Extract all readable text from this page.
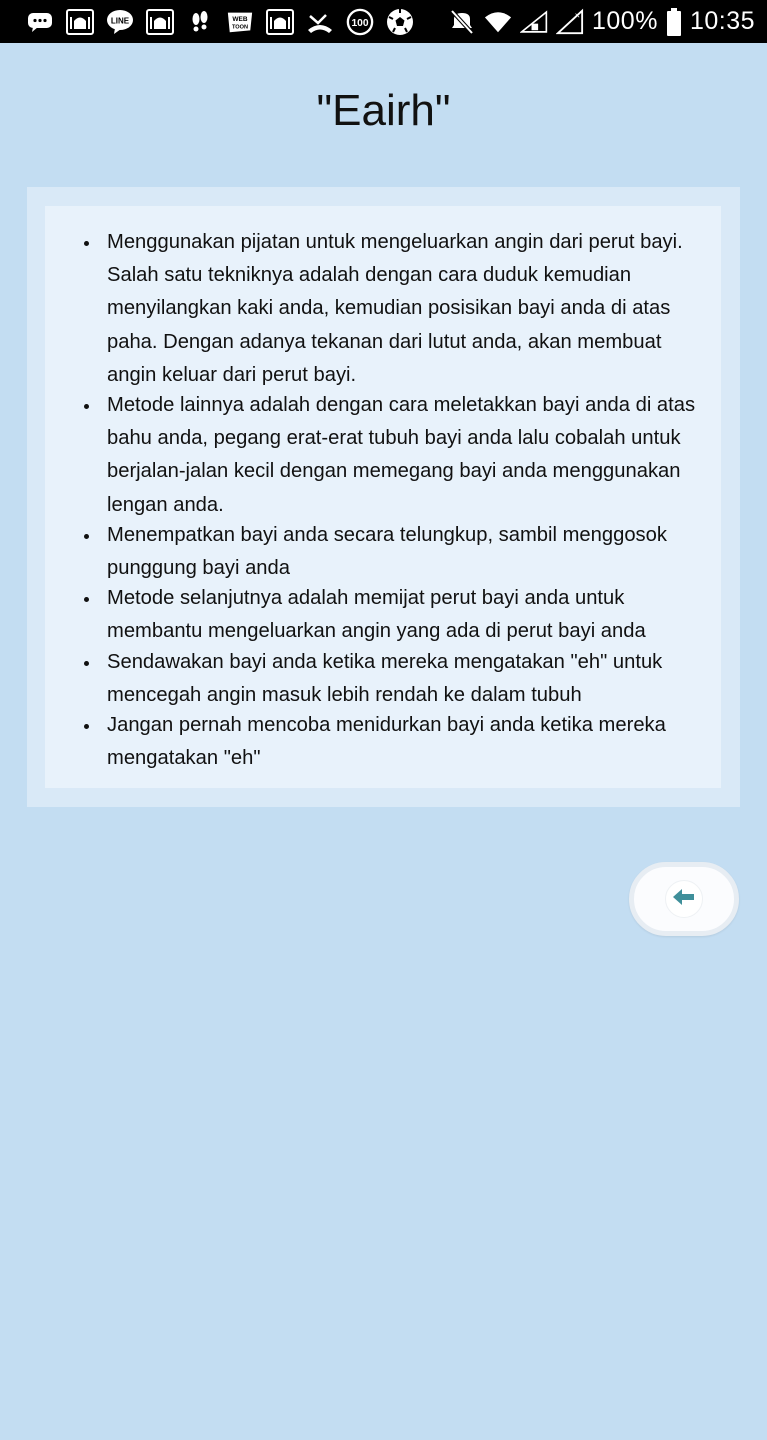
LINE	WEB
TOON	100
× 100% 10:35
"Eairh"
Menggunakan pijatan untuk mengeluarkan angin dari perut bayi. Salah satu tekniknya adalah dengan cara duduk kemudian menyilangkan kaki anda, kemudian posisikan bayi anda di atas paha. Dengan adanya tekanan dari lutut anda, akan membuat angin keluar dari perut bayi.
Metode lainnya adalah dengan cara meletakkan bayi anda di atas bahu anda, pegang erat-erat tubuh bayi anda lalu cobalah untuk berjalan-jalan kecil dengan memegang bayi anda menggunakan lengan anda.
Menempatkan bayi anda secara telungkup, sambil menggosok punggung bayi anda
Metode selanjutnya adalah memijat perut bayi anda untuk membantu mengeluarkan angin yang ada di perut bayi anda
Sendawakan bayi anda ketika mereka mengatakan "eh" untuk mencegah angin masuk lebih rendah ke dalam tubuh
Jangan pernah mencoba menidurkan bayi anda ketika mereka mengatakan "eh"
